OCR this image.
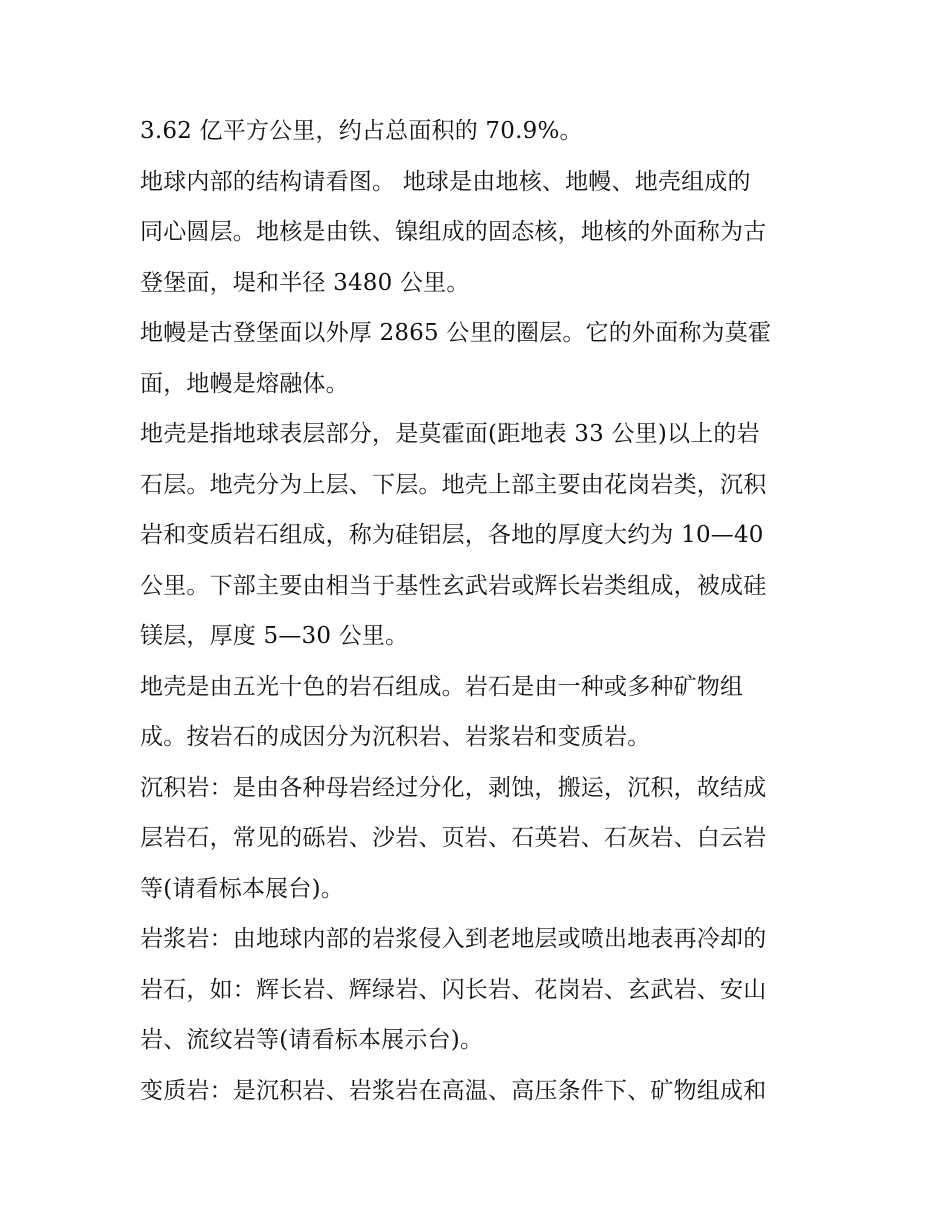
3.62 亿平方公里，约占总面积的 70.9%。
地球内部的结构请看图。 地球是由地核、地幔、地壳组成的
同心圆层。地核是由铁、镍组成的固态核，地核的外面称为古
登堡面，堤和半径 3480 公里。
地幔是古登堡面以外厚 2865 公里的圈层。它的外面称为莫霍
面，地幔是熔融体。
地壳是指地球表层部分，是莫霍面(距地表 33 公里)以上的岩
石层。地壳分为上层、下层。地壳上部主要由花岗岩类，沉积
岩和变质岩石组成，称为硅铝层，各地的厚度大约为 10—40
公里。下部主要由相当于基性玄武岩或辉长岩类组成，被成硅
镁层，厚度 5—30 公里。
地壳是由五光十色的岩石组成。岩石是由一种或多种矿物组
成。按岩石的成因分为沉积岩、岩浆岩和变质岩。
沉积岩：是由各种母岩经过分化，剥蚀，搬运，沉积，故结成
层岩石，常见的砾岩、沙岩、页岩、石英岩、石灰岩、白云岩
等(请看标本展台)。
岩浆岩：由地球内部的岩浆侵入到老地层或喷出地表再冷却的
岩石，如：辉长岩、辉绿岩、闪长岩、花岗岩、玄武岩、安山
岩、流纹岩等(请看标本展示台)。
变质岩：是沉积岩、岩浆岩在高温、高压条件下、矿物组成和
